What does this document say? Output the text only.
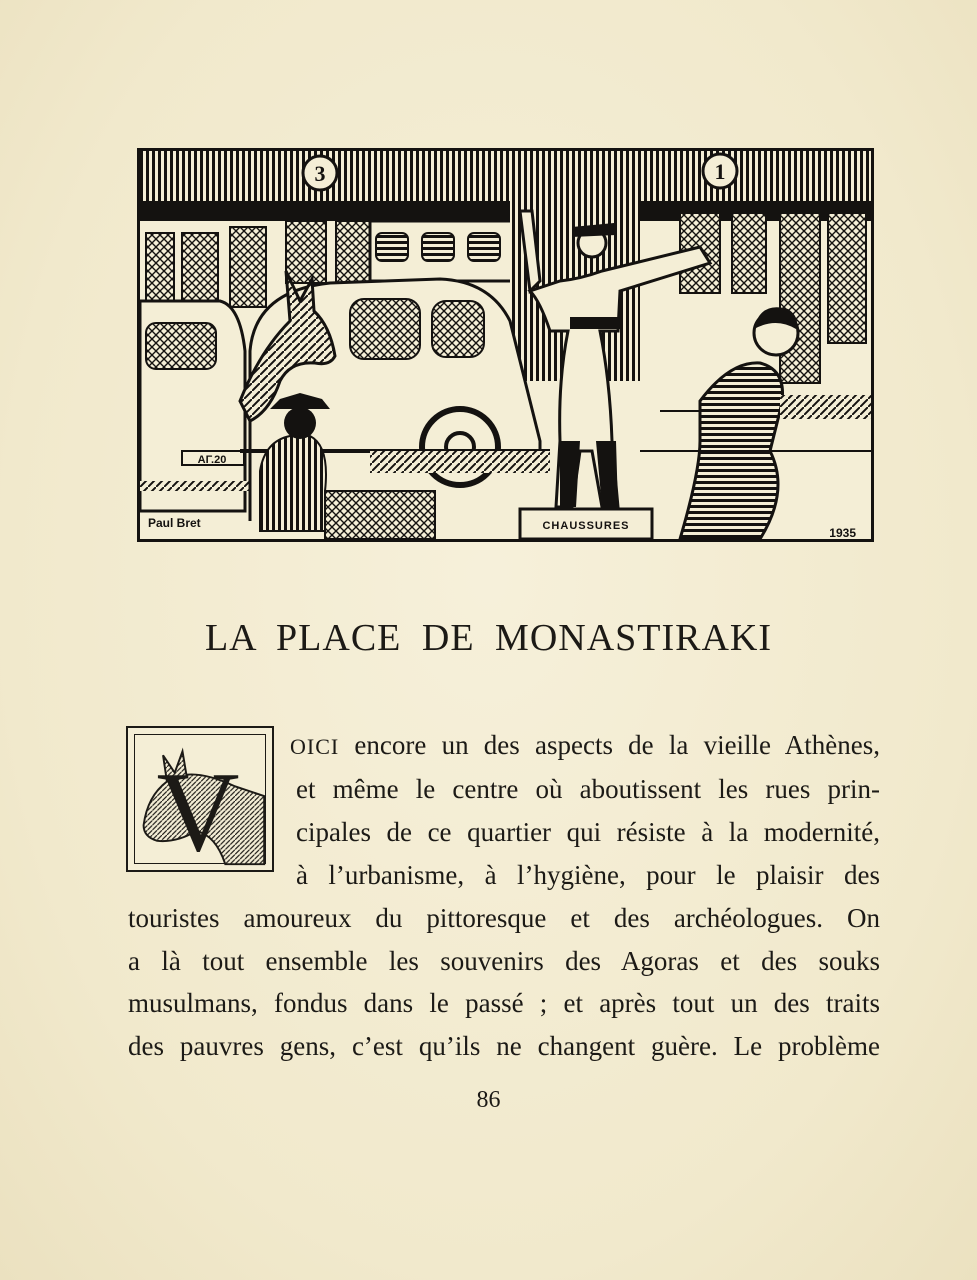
3	1
ΑΓ.20
CHAUSSURES
Paul Bret
1935
LA PLACE DE MONASTIRAKI
V
OICI encore un des aspects de la vieille Athènes,
et même le centre où aboutissent les rues prin-
cipales de ce quartier qui résiste à la modernité,
à l’urbanisme, à l’hygiène, pour le plaisir des
touristes amoureux du pittoresque et des archéologues. On
a là tout ensemble les souvenirs des Agoras et des souks
musulmans, fondus dans le passé ; et après tout un des traits
des pauvres gens, c’est qu’ils ne changent guère. Le problème
86
